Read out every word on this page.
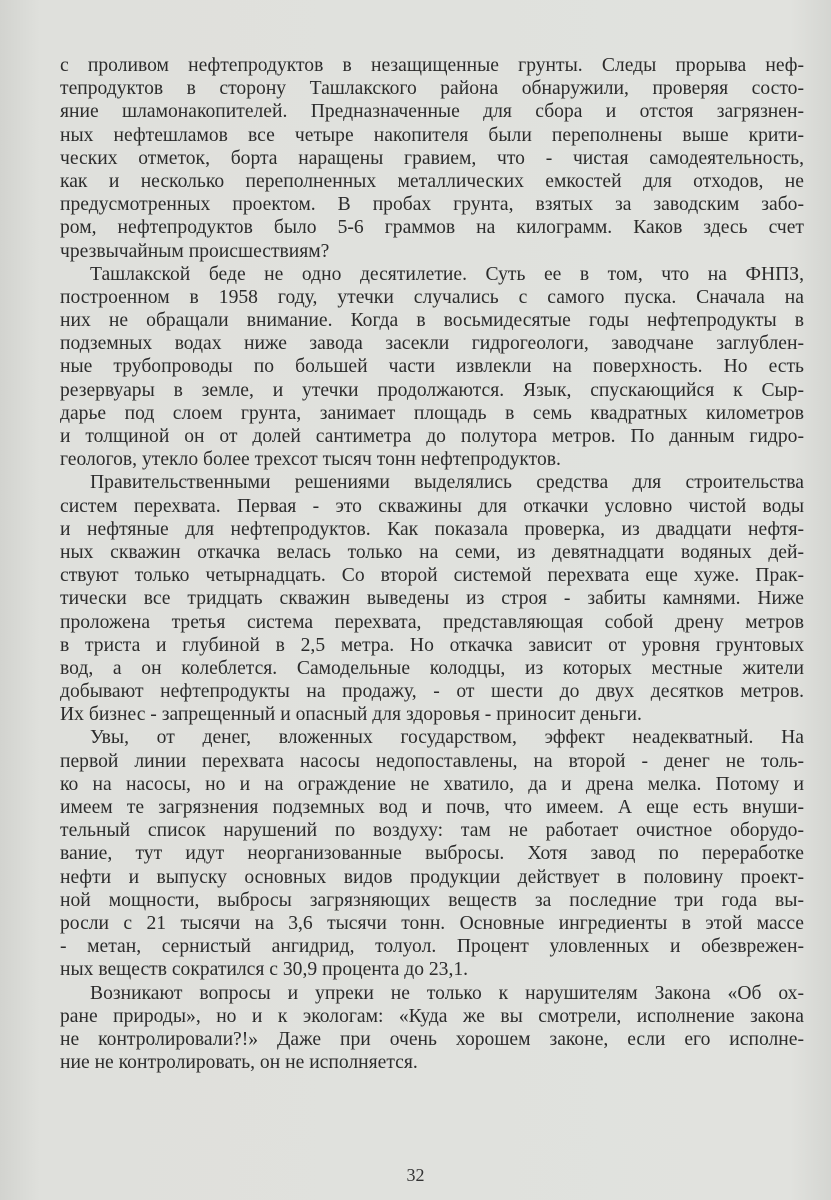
с проливом нефтепродуктов в незащищенные грунты. Следы прорыва неф-
тепродуктов в сторону Ташлакского района обнаружили, проверяя состо-
яние шламонакопителей. Предназначенные для сбора и отстоя загрязнен-
ных нефтешламов все четыре накопителя были переполнены выше крити-
ческих отметок, борта наращены гравием, что - чистая самодеятельность,
как и несколько переполненных металлических емкостей для отходов, не
предусмотренных проектом. В пробах грунта, взятых за заводским забо-
ром, нефтепродуктов было 5-6 граммов на килограмм. Каков здесь счет
чрезвычайным происшествиям?
Ташлакской беде не одно десятилетие. Суть ее в том, что на ФНПЗ,
построенном в 1958 году, утечки случались с самого пуска. Сначала на
них не обращали внимание. Когда в восьмидесятые годы нефтепродукты в
подземных водах ниже завода засекли гидрогеологи, заводчане заглублен-
ные трубопроводы по большей части извлекли на поверхность. Но есть
резервуары в земле, и утечки продолжаются. Язык, спускающийся к Сыр-
дарье под слоем грунта, занимает площадь в семь квадратных километров
и толщиной он от долей сантиметра до полутора метров. По данным гидро-
геологов, утекло более трехсот тысяч тонн нефтепродуктов.
Правительственными решениями выделялись средства для строительства
систем перехвата. Первая - это скважины для откачки условно чистой воды
и нефтяные для нефтепродуктов. Как показала проверка, из двадцати нефтя-
ных скважин откачка велась только на семи, из девятнадцати водяных дей-
ствуют только четырнадцать. Со второй системой перехвата еще хуже. Прак-
тически все тридцать скважин выведены из строя - забиты камнями. Ниже
проложена третья система перехвата, представляющая собой дрену метров
в триста и глубиной в 2,5 метра. Но откачка зависит от уровня грунтовых
вод, а он колеблется. Самодельные колодцы, из которых местные жители
добывают нефтепродукты на продажу, - от шести до двух десятков метров.
Их бизнес - запрещенный и опасный для здоровья - приносит деньги.
Увы, от денег, вложенных государством, эффект неадекватный. На
первой линии перехвата насосы недопоставлены, на второй - денег не толь-
ко на насосы, но и на ограждение не хватило, да и дрена мелка. Потому и
имеем те загрязнения подземных вод и почв, что имеем. А еще есть внуши-
тельный список нарушений по воздуху: там не работает очистное оборудо-
вание, тут идут неорганизованные выбросы. Хотя завод по переработке
нефти и выпуску основных видов продукции действует в половину проект-
ной мощности, выбросы загрязняющих веществ за последние три года вы-
росли с 21 тысячи на 3,6 тысячи тонн. Основные ингредиенты в этой массе
- метан, сернистый ангидрид, толуол. Процент уловленных и обезврежен-
ных веществ сократился с 30,9 процента до 23,1.
Возникают вопросы и упреки не только к нарушителям Закона «Об ох-
ране природы», но и к экологам: «Куда же вы смотрели, исполнение закона
не контролировали?!» Даже при очень хорошем законе, если его исполне-
ние не контролировать, он не исполняется.
32
